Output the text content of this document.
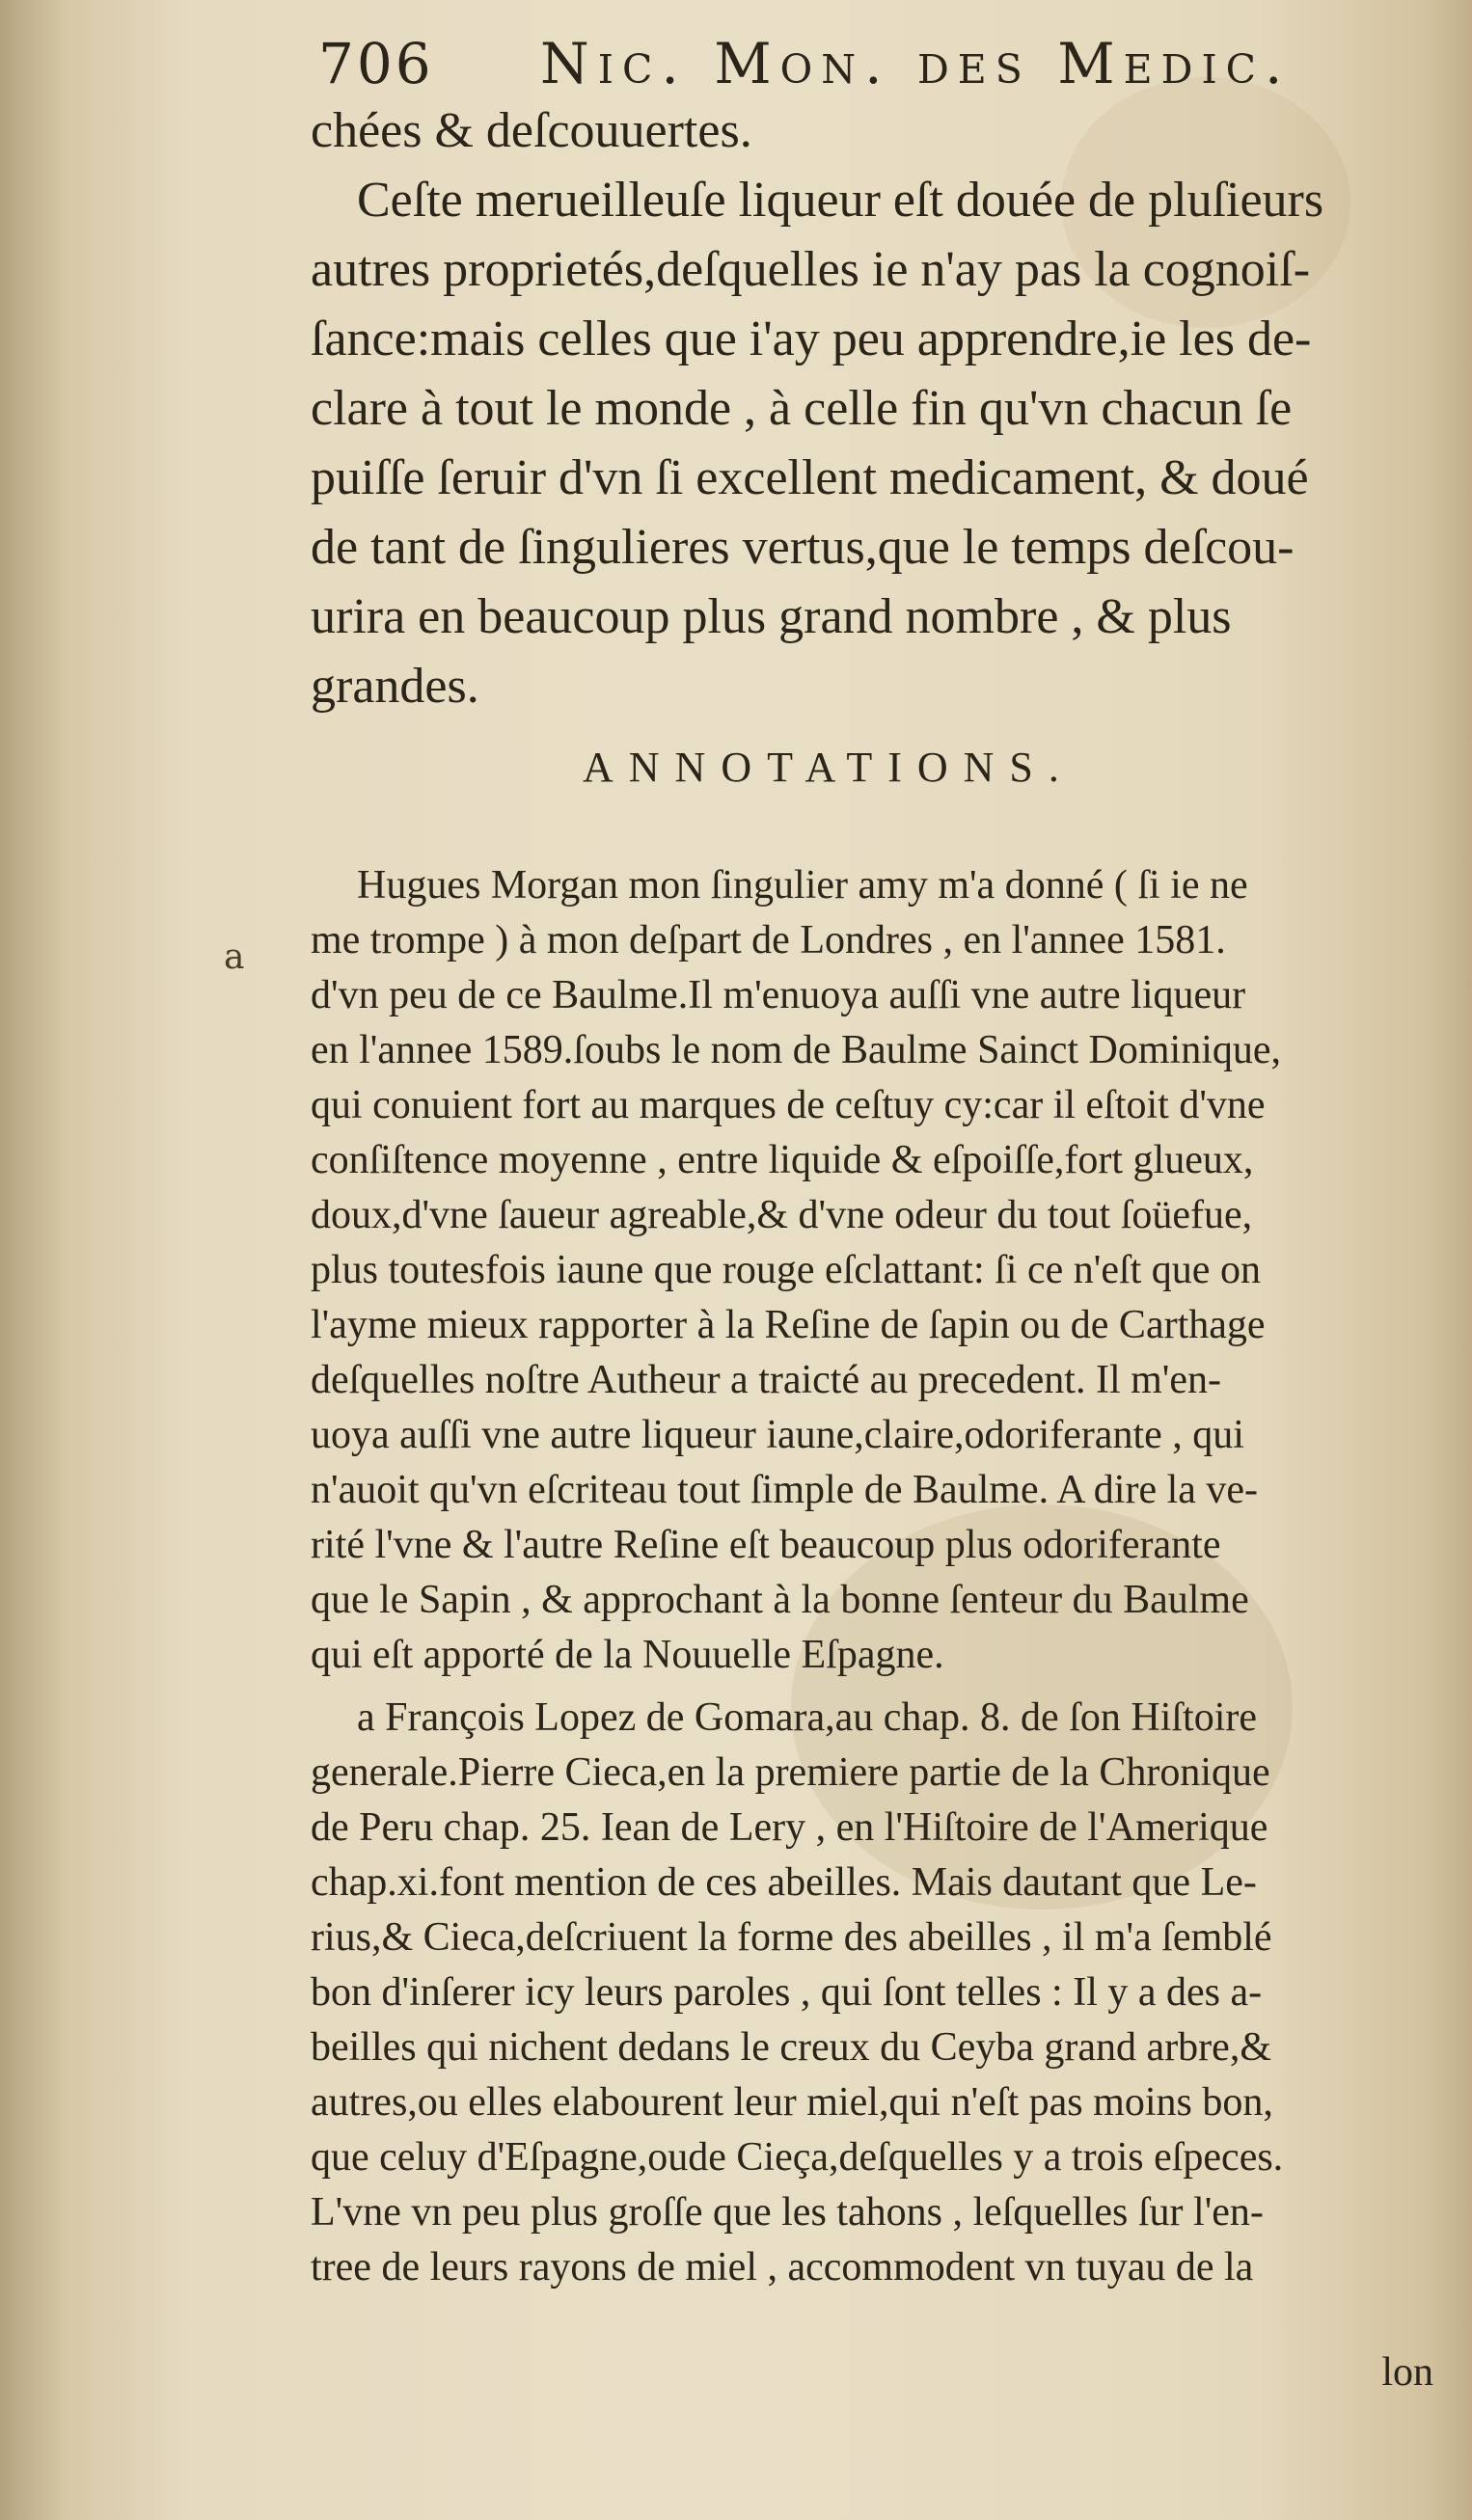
706 Nic. Mon. des Medic.
chées & deſcouuertes.
Ceſte merueilleuſe liqueur eſt douée de pluſieurs
autres proprietés,deſquelles ie n'ay pas la cognoiſ-
ſance:mais celles que i'ay peu apprendre,ie les de-
clare à tout le monde , à celle fin qu'vn chacun ſe
puiſſe ſeruir d'vn ſi excellent medicament, & doué
de tant de ſingulieres vertus,que le temps deſcou-
urira en beaucoup plus grand nombre , & plus
grandes.
ANNOTATIONS.
a
Hugues Morgan mon ſingulier amy m'a donné ( ſi ie ne
me trompe ) à mon deſpart de Londres , en l'annee 1581.
d'vn peu de ce Baulme.Il m'enuoya auſſi vne autre liqueur
en l'annee 1589.ſoubs le nom de Baulme Sainct Dominique,
qui conuient fort au marques de ceſtuy cy:car il eſtoit d'vne
conſiſtence moyenne , entre liquide & eſpoiſſe,fort glueux,
doux,d'vne ſaueur agreable,& d'vne odeur du tout ſoüefue,
plus toutesfois iaune que rouge eſclattant: ſi ce n'eſt que on
l'ayme mieux rapporter à la Reſine de ſapin ou de Carthage
deſquelles noſtre Autheur a traicté au precedent. Il m'en-
uoya auſſi vne autre liqueur iaune,claire,odoriferante , qui
n'auoit qu'vn eſcriteau tout ſimple de Baulme. A dire la ve-
rité l'vne & l'autre Reſine eſt beaucoup plus odoriferante
que le Sapin , & approchant à la bonne ſenteur du Baulme
qui eſt apporté de la Nouuelle Eſpagne.
a François Lopez de Gomara,au chap. 8. de ſon Hiſtoire
generale.Pierre Cieca,en la premiere partie de la Chronique
de Peru chap. 25. Iean de Lery , en l'Hiſtoire de l'Amerique
chap.xi.font mention de ces abeilles. Mais dautant que Le-
rius,& Cieca,deſcriuent la forme des abeilles , il m'a ſemblé
bon d'inſerer icy leurs paroles , qui ſont telles : Il y a des a-
beilles qui nichent dedans le creux du Ceyba grand arbre,&
autres,ou elles elabourent leur miel,qui n'eſt pas moins bon,
que celuy d'Eſpagne,oude Cieça,deſquelles y a trois eſpeces.
L'vne vn peu plus groſſe que les tahons , leſquelles ſur l'en-
tree de leurs rayons de miel , accommodent vn tuyau de la
lon
